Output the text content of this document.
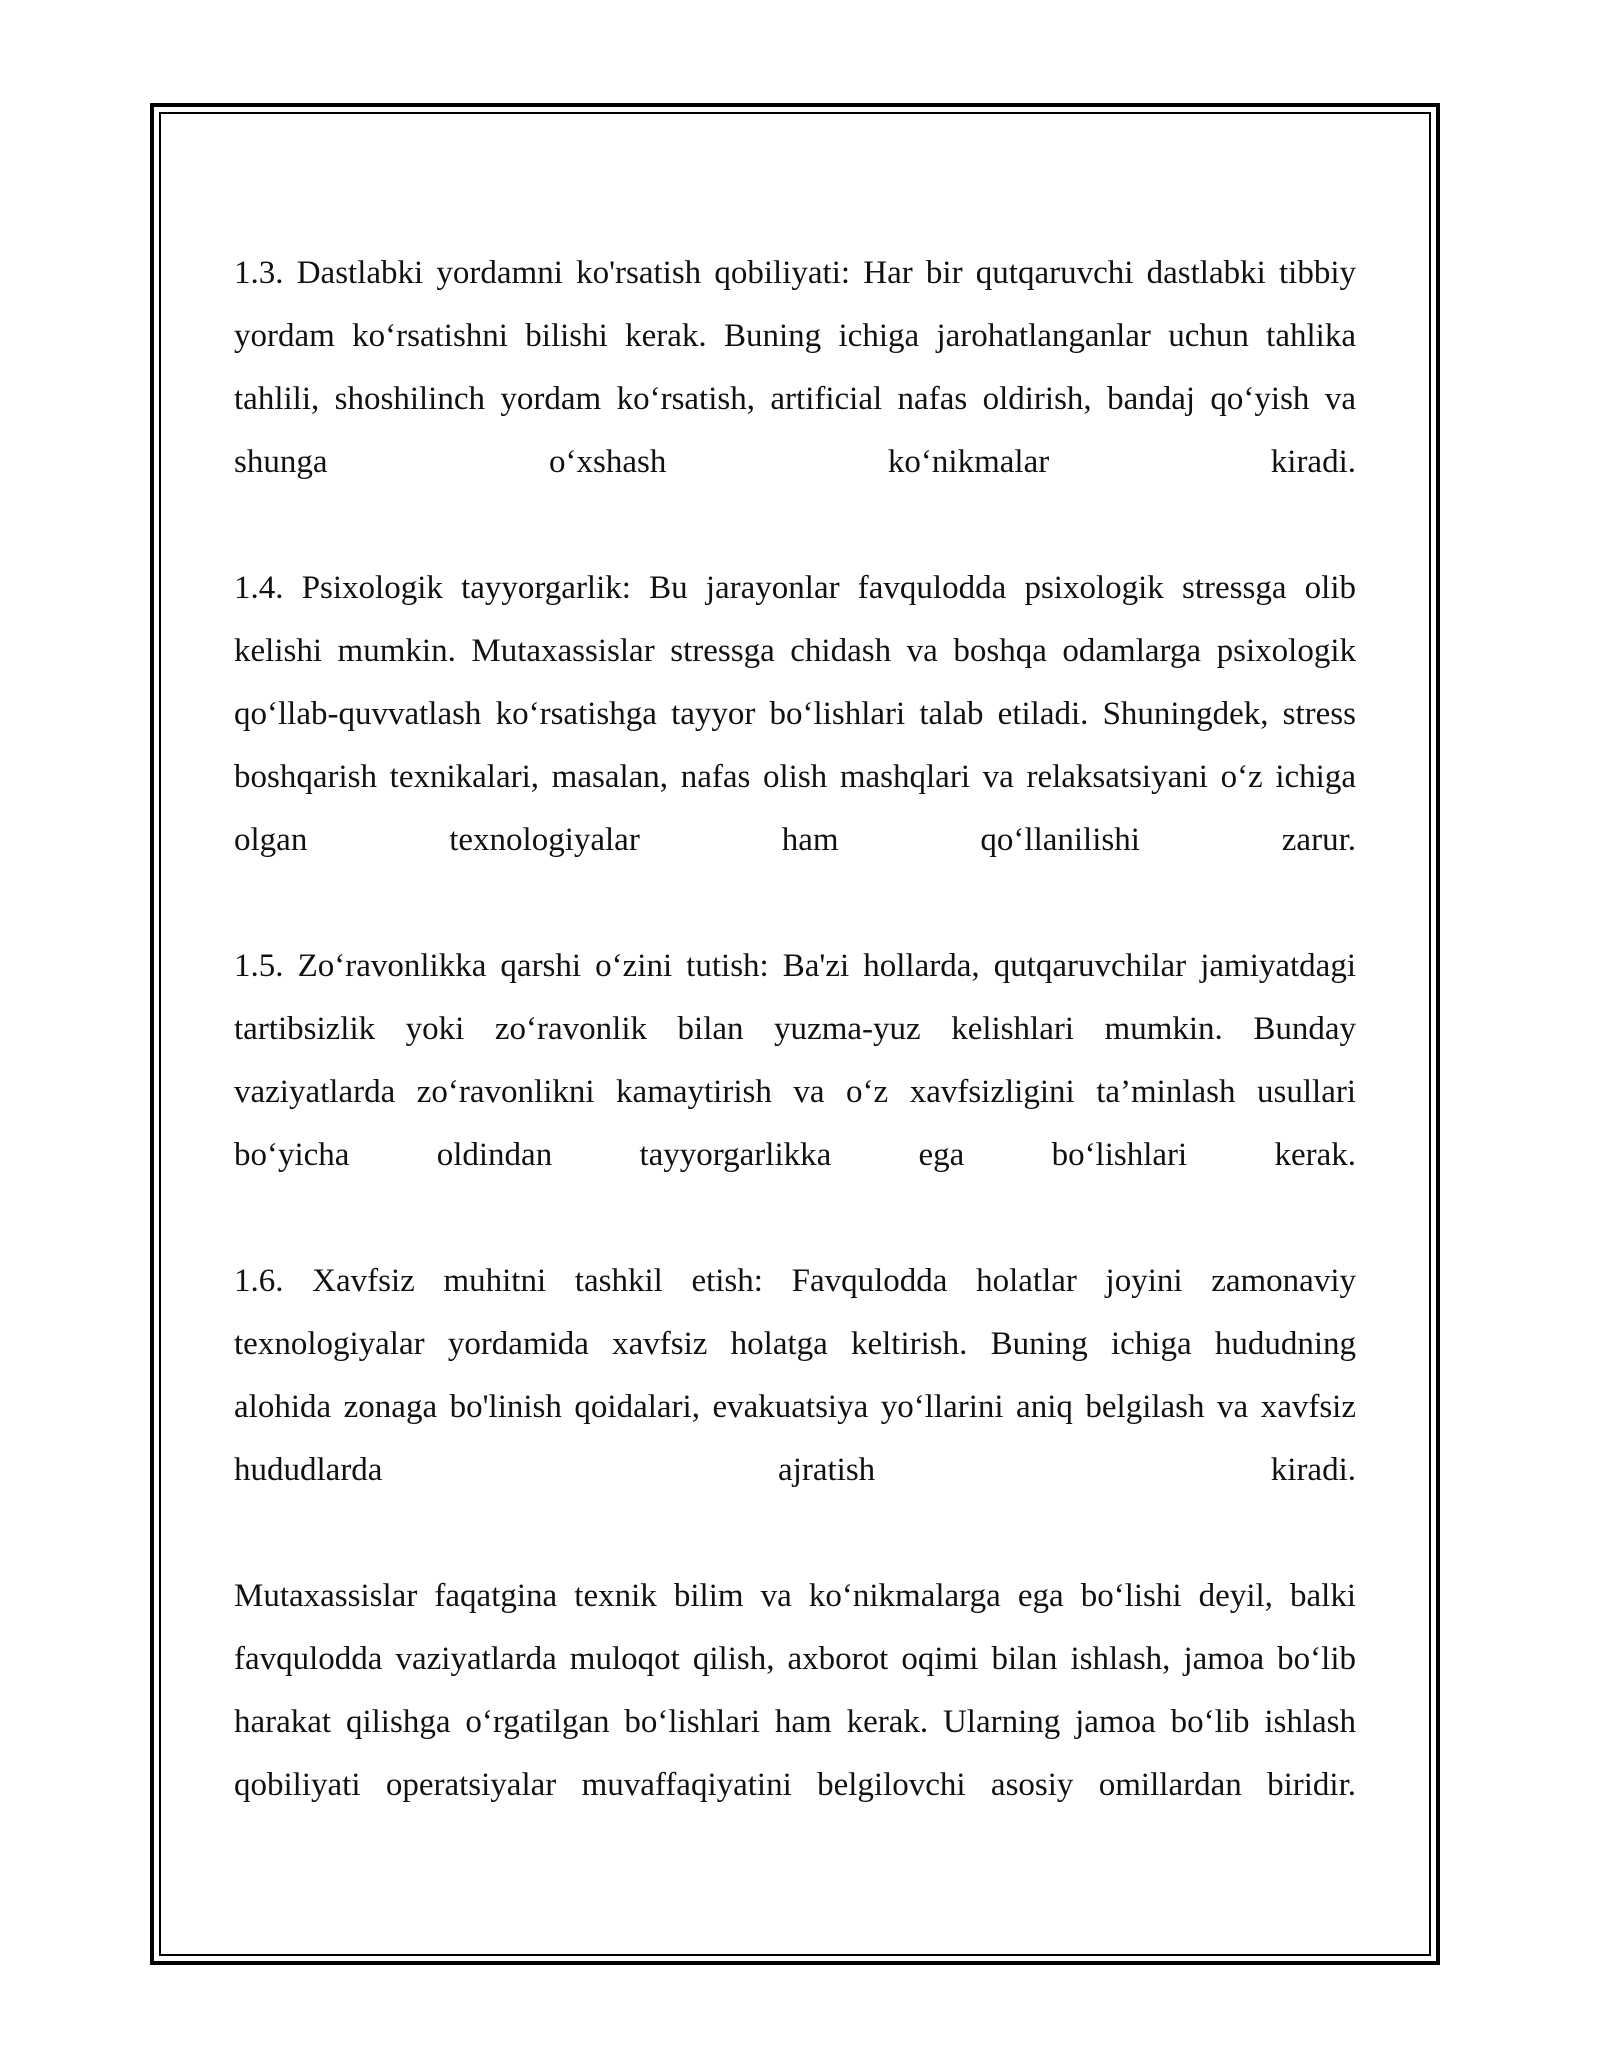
1.3. Dastlabki yordamni ko'rsatish qobiliyati: Har bir qutqaruvchi dastlabki tibbiy yordam ko‘rsatishni bilishi kerak. Buning ichiga jarohatlanganlar uchun tahlika tahlili, shoshilinch yordam ko‘rsatish, artificial nafas oldirish, bandaj qo‘yish va shunga o‘xshash ko‘nikmalar kiradi.

1.4. Psixologik tayyorgarlik: Bu jarayonlar favqulodda psixologik stressga olib kelishi mumkin. Mutaxassislar stressga chidash va boshqa odamlarga psixologik qo‘llab-quvvatlash ko‘rsatishga tayyor bo‘lishlari talab etiladi. Shuningdek, stress boshqarish texnikalari, masalan, nafas olish mashqlari va relaksatsiyani o‘z ichiga olgan texnologiyalar ham qo‘llanilishi zarur.

1.5. Zo‘ravonlikka qarshi o‘zini tutish: Ba'zi hollarda, qutqaruvchilar jamiyatdagi tartibsizlik yoki zo‘ravonlik bilan yuzma-yuz kelishlari mumkin. Bunday vaziyatlarda zo‘ravonlikni kamaytirish va o‘z xavfsizligini ta’minlash usullari bo‘yicha oldindan tayyorgarlikka ega bo‘lishlari kerak.

1.6. Xavfsiz muhitni tashkil etish: Favqulodda holatlar joyini zamonaviy texnologiyalar yordamida xavfsiz holatga keltirish. Buning ichiga hududning alohida zonaga bo'linish qoidalari, evakuatsiya yo‘llarini aniq belgilash va xavfsiz hududlarda ajratish kiradi.

Mutaxassislar faqatgina texnik bilim va ko‘nikmalarga ega bo‘lishi deyil, balki favqulodda vaziyatlarda muloqot qilish, axborot oqimi bilan ishlash, jamoa bo‘lib harakat qilishga o‘rgatilgan bo‘lishlari ham kerak. Ularning jamoa bo‘lib ishlash qobiliyati operatsiyalar muvaffaqiyatini belgilovchi asosiy omillardan biridir.
